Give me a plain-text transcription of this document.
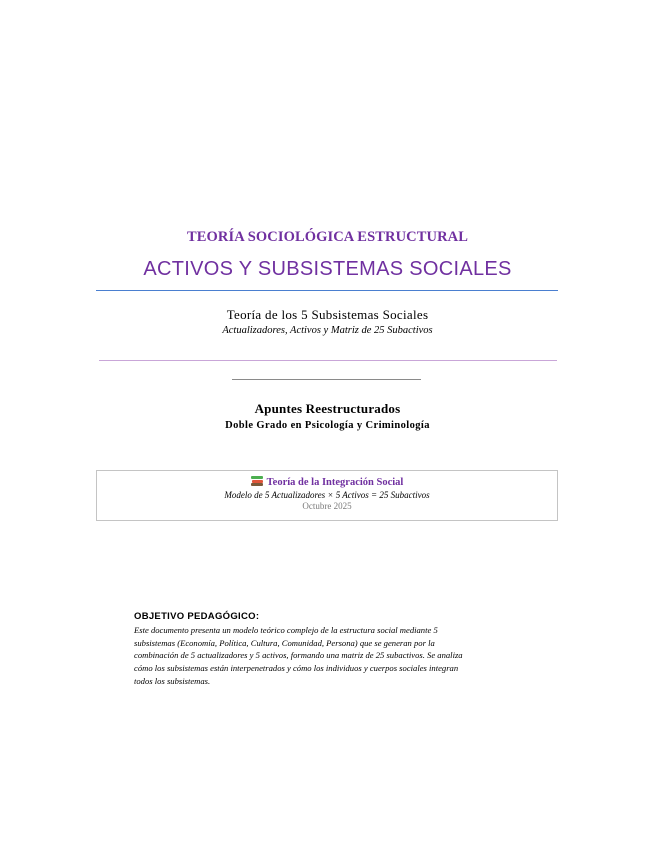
TEORÍA SOCIOLÓGICA ESTRUCTURAL
ACTIVOS Y SUBSISTEMAS SOCIALES
Teoría de los 5 Subsistemas Sociales
Actualizadores, Activos y Matriz de 25 Subactivos
Apuntes Reestructurados
Doble Grado en Psicología y Criminología
Teoría de la Integración Social
Modelo de 5 Actualizadores × 5 Activos = 25 Subactivos
Octubre 2025
OBJETIVO PEDAGÓGICO:
Este documento presenta un modelo teórico complejo de la estructura social mediante 5
subsistemas (Economía, Política, Cultura, Comunidad, Persona) que se generan por la
combinación de 5 actualizadores y 5 activos, formando una matriz de 25 subactivos. Se analiza
cómo los subsistemas están interpenetrados y cómo los individuos y cuerpos sociales integran
todos los subsistemas.
